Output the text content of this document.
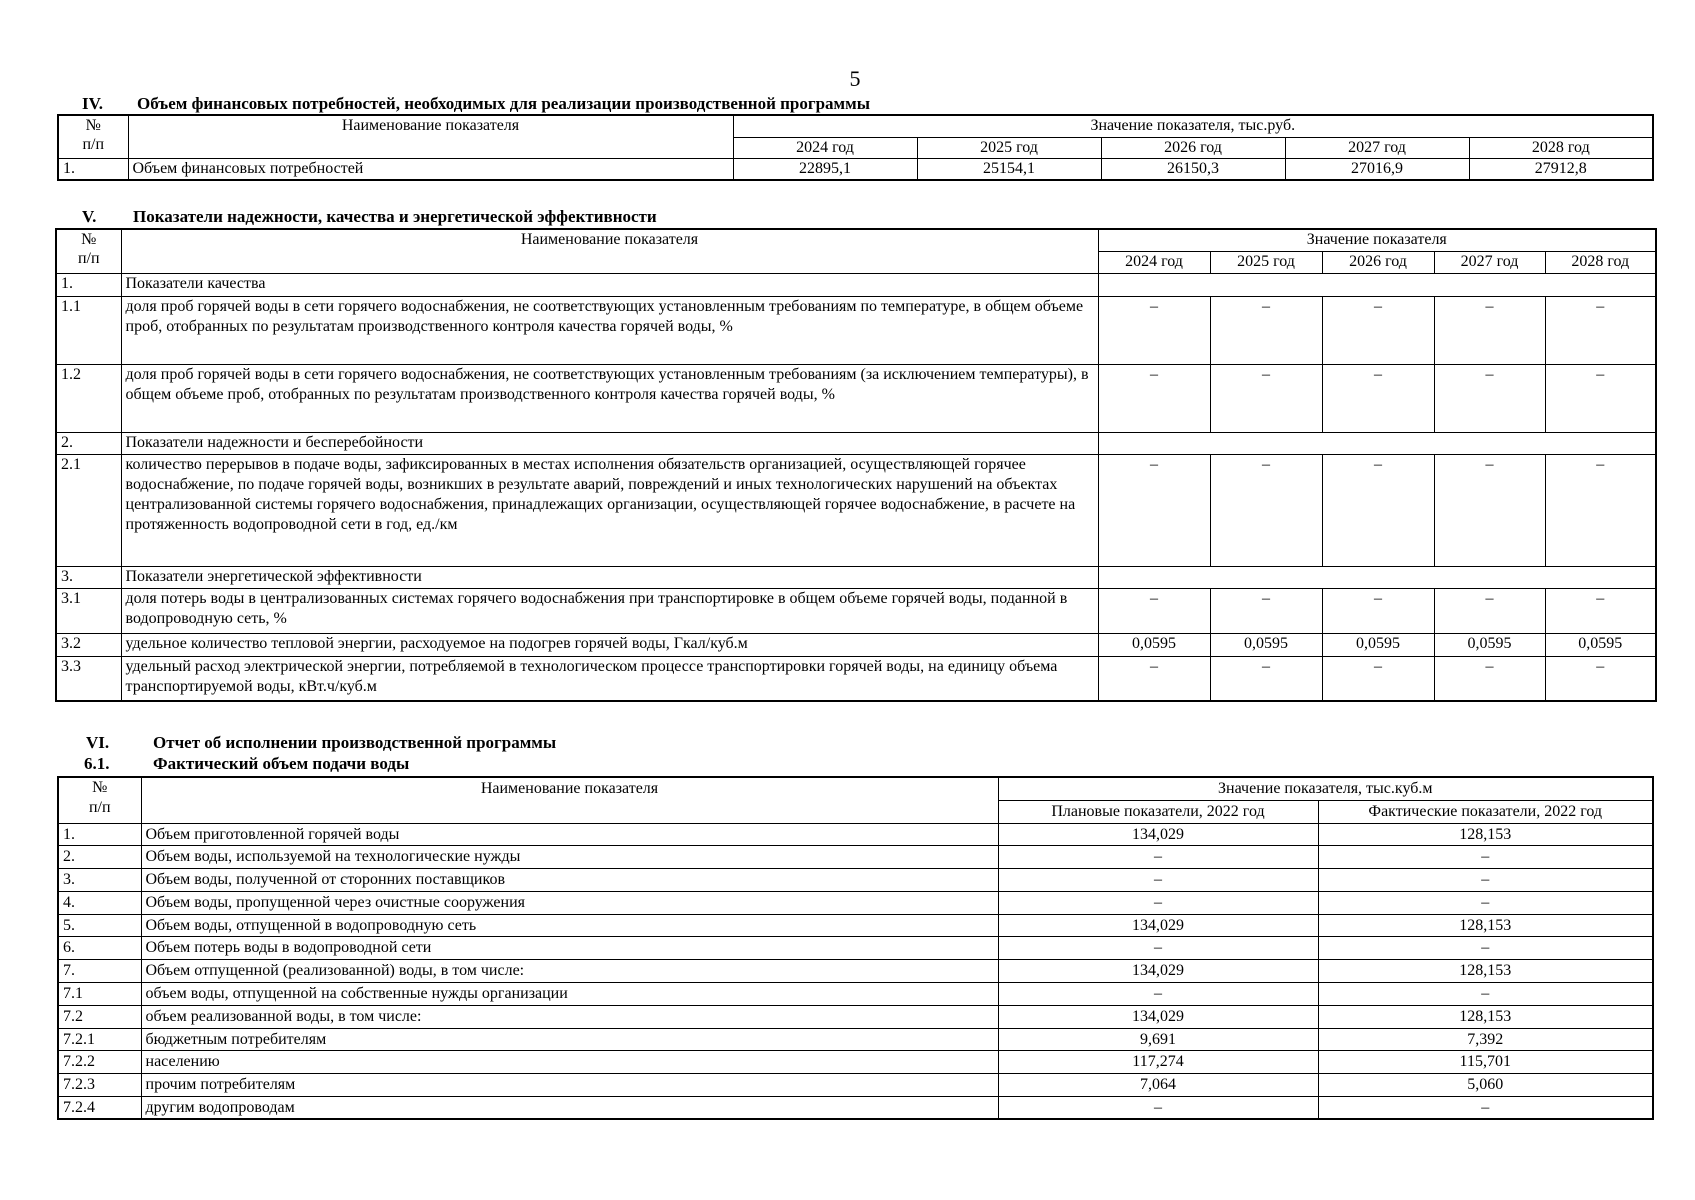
5
IV. Объем финансовых потребностей, необходимых для реализации производственной программы
№
п/п	Наименование показателя	Значение показателя, тыс.руб.				
		2024 год	2025 год	2026 год	2027 год	2028 год
1.	Объем финансовых потребностей	22895,1	25154,1	26150,3	27016,9	27912,8
V. Показатели надежности, качества и энергетической эффективности
№
п/п	Наименование показателя	Значение показателя				
		2024 год	2025 год	2026 год	2027 год	2028 год
1.	Показатели качества					
1.1	доля проб горячей воды в сети горячего водоснабжения, не соответствующих установленным требованиям по температуре, в общем объеме проб, отобранных по результатам производственного контроля качества горячей воды, %	–	–	–	–	–
1.2	доля проб горячей воды в сети горячего водоснабжения, не соответствующих установленным требованиям (за исключением температуры), в общем объеме проб, отобранных по результатам производственного контроля качества горячей воды, %	–	–	–	–	–
2.	Показатели надежности и бесперебойности					
2.1	количество перерывов в подаче воды, зафиксированных в местах исполнения обязательств организацией, осуществляющей горячее водоснабжение, по подаче горячей воды, возникших в результате аварий, повреждений и иных технологических нарушений на объектах централизованной системы горячего водоснабжения, принадлежащих организации, осуществляющей горячее водоснабжение, в расчете на протяженность водопроводной сети в год, ед./км	–	–	–	–	–
3.	Показатели энергетической эффективности					
3.1	доля потерь воды в централизованных системах горячего водоснабжения при транспортировке в общем объеме горячей воды, поданной в водопроводную сеть, %	–	–	–	–	–
3.2	удельное количество тепловой энергии, расходуемое на подогрев горячей воды, Гкал/куб.м	0,0595	0,0595	0,0595	0,0595	0,0595
3.3	удельный расход электрической энергии, потребляемой в технологическом процессе транспортировки горячей воды, на единицу объема транспортируемой воды, кВт.ч/куб.м	–	–	–	–	–
VI.	Отчет об исполнении производственной программы
6.1.	Фактический объем подачи воды
№
п/п	Наименование показателя	Значение показателя, тыс.куб.м	
		Плановые показатели, 2022 год	Фактические показатели, 2022 год
1.	Объем приготовленной горячей воды	134,029	128,153
2.	Объем воды, используемой на технологические нужды	–	–
3.	Объем воды, полученной от сторонних поставщиков	–	–
4.	Объем воды, пропущенной через очистные сооружения	–	–
5.	Объем воды, отпущенной в водопроводную сеть	134,029	128,153
6.	Объем потерь воды в водопроводной сети	–	–
7.	Объем отпущенной (реализованной) воды, в том числе:	134,029	128,153
7.1	объем воды, отпущенной на собственные нужды организации	–	–
7.2	объем реализованной воды, в том числе:	134,029	128,153
7.2.1	бюджетным потребителям	9,691	7,392
7.2.2	населению	117,274	115,701
7.2.3	прочим потребителям	7,064	5,060
7.2.4	другим водопроводам	–	–
